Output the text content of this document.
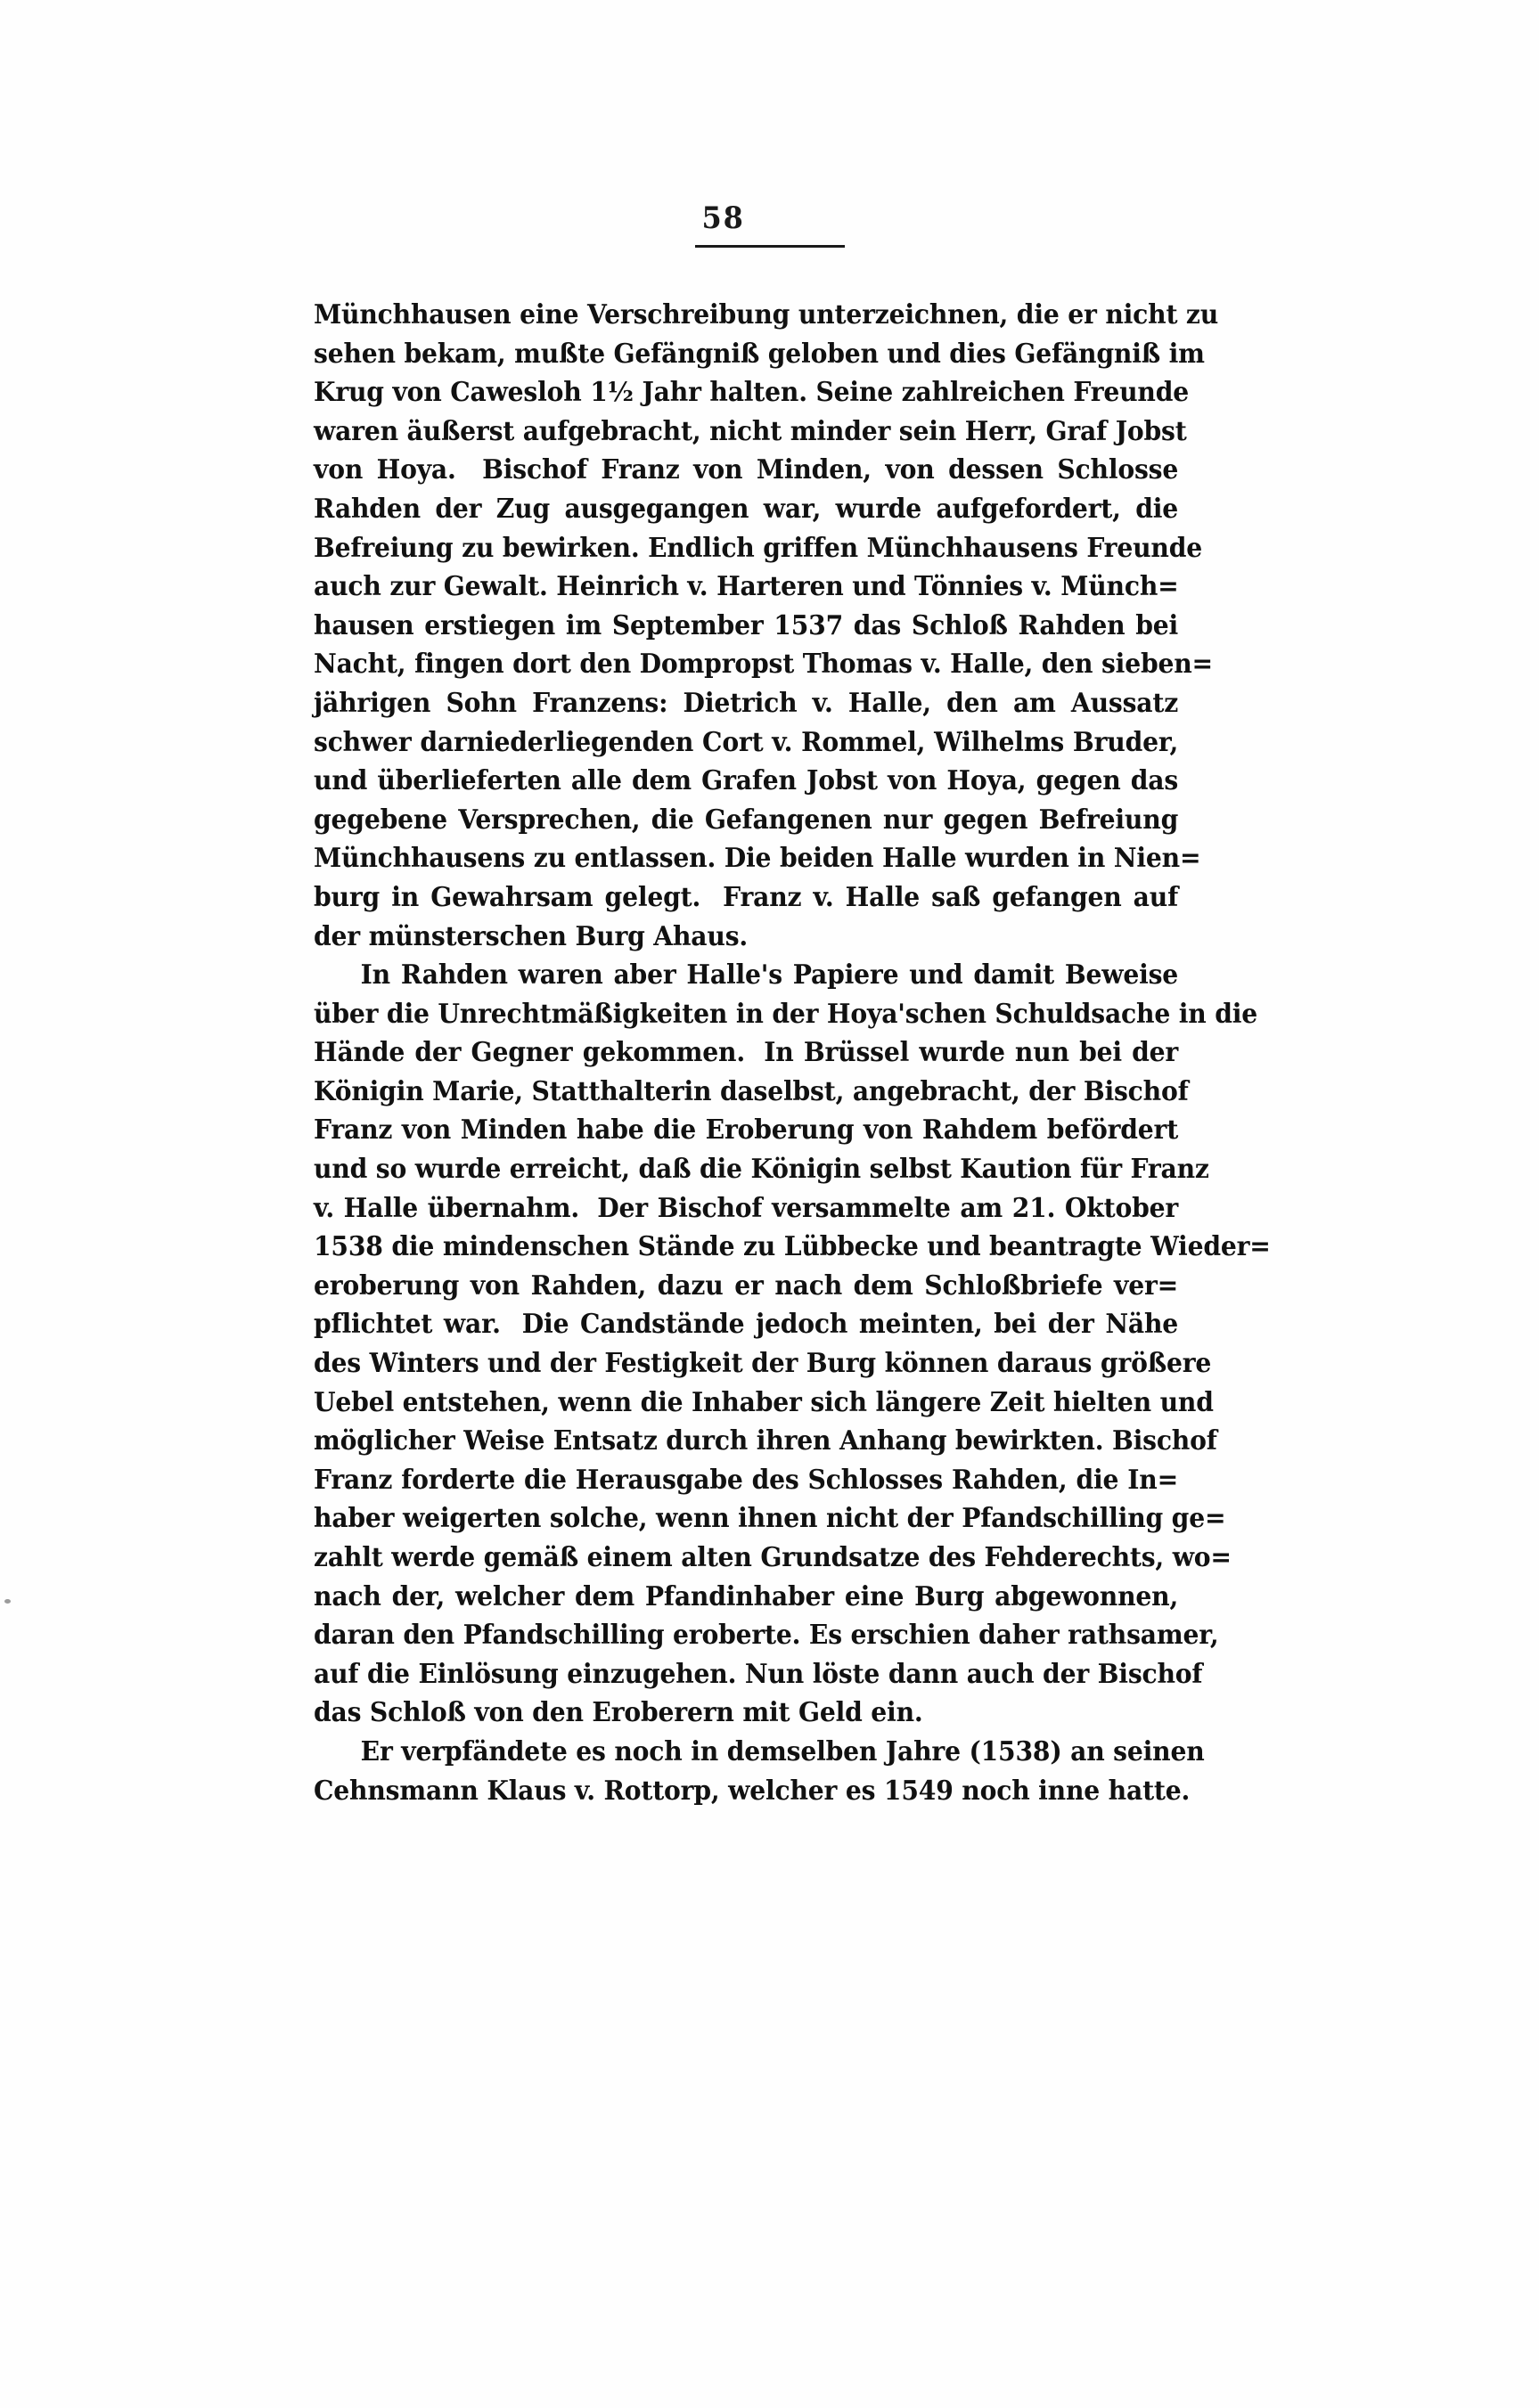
58
Münchhausen
eine
Verschreibung
unterzeichnen,
die
er
nicht
zu
sehen
bekam,
mußte
Gefängniß
geloben
und
dies
Gefängniß
im
Krug
von
Cawesloh
1½
Jahr
halten.
Seine
zahlreichen
Freunde
waren
äußerst
aufgebracht,
nicht
minder
sein
Herr,
Graf
Jobst
von
Hoya.
Bischof
Franz
von
Minden,
von
dessen
Schlosse
Rahden
der
Zug
ausgegangen
war,
wurde
aufgefordert,
die
Befreiung
zu
bewirken.
Endlich
griffen
Münchhausens
Freunde
auch
zur
Gewalt.
Heinrich
v.
Harteren
und
Tönnies
v.
Münch=
hausen
erstiegen
im
September
1537
das
Schloß
Rahden
bei
Nacht,
fingen
dort
den
Dompropst
Thomas
v.
Halle,
den
sieben=
jährigen
Sohn
Franzens:
Dietrich
v.
Halle,
den
am
Aussatz
schwer
darniederliegenden
Cort
v.
Rommel,
Wilhelms
Bruder,
und
überlieferten
alle
dem
Grafen
Jobst
von
Hoya,
gegen
das
gegebene
Versprechen,
die
Gefangenen
nur
gegen
Befreiung
Münchhausens
zu
entlassen.
Die
beiden
Halle
wurden
in
Nien=
burg
in
Gewahrsam
gelegt.
Franz
v.
Halle
saß
gefangen
auf
der münsterschen Burg Ahaus.
In
Rahden
waren
aber
Halle's
Papiere
und
damit
Beweise
über
die
Unrechtmäßigkeiten
in
der
Hoya'schen
Schuldsache
in
die
Hände
der
Gegner
gekommen.
In
Brüssel
wurde
nun
bei
der
Königin
Marie,
Statthalterin
daselbst,
angebracht,
der
Bischof
Franz
von
Minden
habe
die
Eroberung
von
Rahdem
befördert
und
so
wurde
erreicht,
daß
die
Königin
selbst
Kaution
für
Franz
v.
Halle
übernahm.
Der
Bischof
versammelte
am
21.
Oktober
1538
die
mindenschen
Stände
zu
Lübbecke
und
beantragte
Wieder=
eroberung
von
Rahden,
dazu
er
nach
dem
Schloßbriefe
ver=
pflichtet
war.
Die
Candstände
jedoch
meinten,
bei
der
Nähe
des
Winters
und
der
Festigkeit
der
Burg
können
daraus
größere
Uebel
entstehen,
wenn
die
Inhaber
sich
längere
Zeit
hielten
und
möglicher
Weise
Entsatz
durch
ihren
Anhang
bewirkten.
Bischof
Franz
forderte
die
Herausgabe
des
Schlosses
Rahden,
die
In=
haber
weigerten
solche,
wenn
ihnen
nicht
der
Pfandschilling
ge=
zahlt
werde
gemäß
einem
alten
Grundsatze
des
Fehderechts,
wo=
nach
der,
welcher
dem
Pfandinhaber
eine
Burg
abgewonnen,
daran
den
Pfandschilling
eroberte.
Es
erschien
daher
rathsamer,
auf
die
Einlösung
einzugehen.
Nun
löste
dann
auch
der
Bischof
das Schloß von den Eroberern mit Geld ein.
Er
verpfändete
es
noch
in
demselben
Jahre
(1538)
an
seinen
Cehnsmann Klaus v. Rottorp, welcher es 1549 noch inne hatte.
